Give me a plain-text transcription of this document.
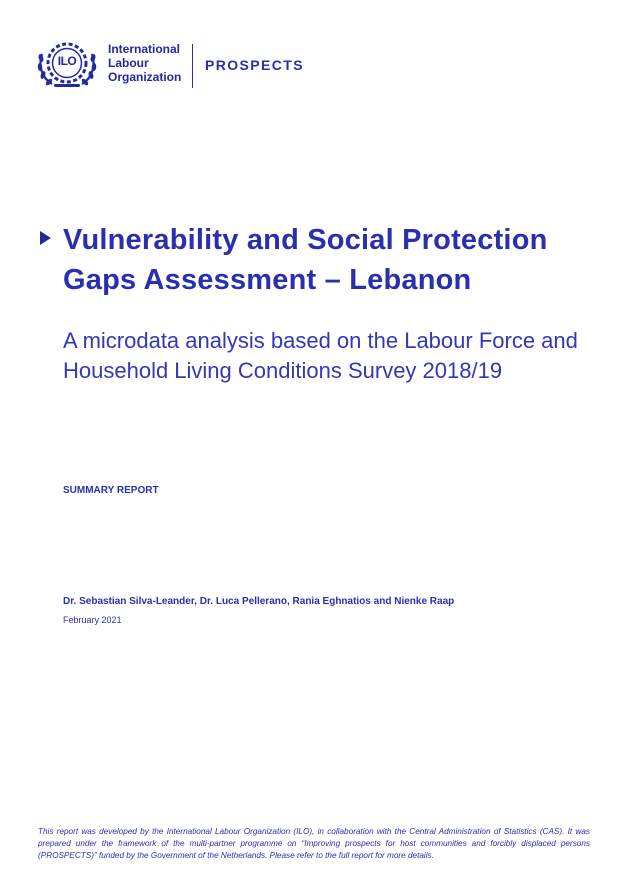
ILO
International
Labour
Organization
PROSPECTS
Vulnerability and Social Protection Gaps Assessment – Lebanon
A microdata analysis based on the Labour Force and Household Living Conditions Survey 2018/19
SUMMARY REPORT
Dr. Sebastian Silva-Leander, Dr. Luca Pellerano, Rania Eghnatios and Nienke Raap
February 2021
This report was developed by the International Labour Organization (ILO), in collaboration with the Central Administration of Statistics (CAS). It was prepared under the framework of the multi-partner programme on “Improving prospects for host communities and forcibly displaced persons (PROSPECTS)” funded by the Government of the Netherlands. Please refer to the full report for more details.
